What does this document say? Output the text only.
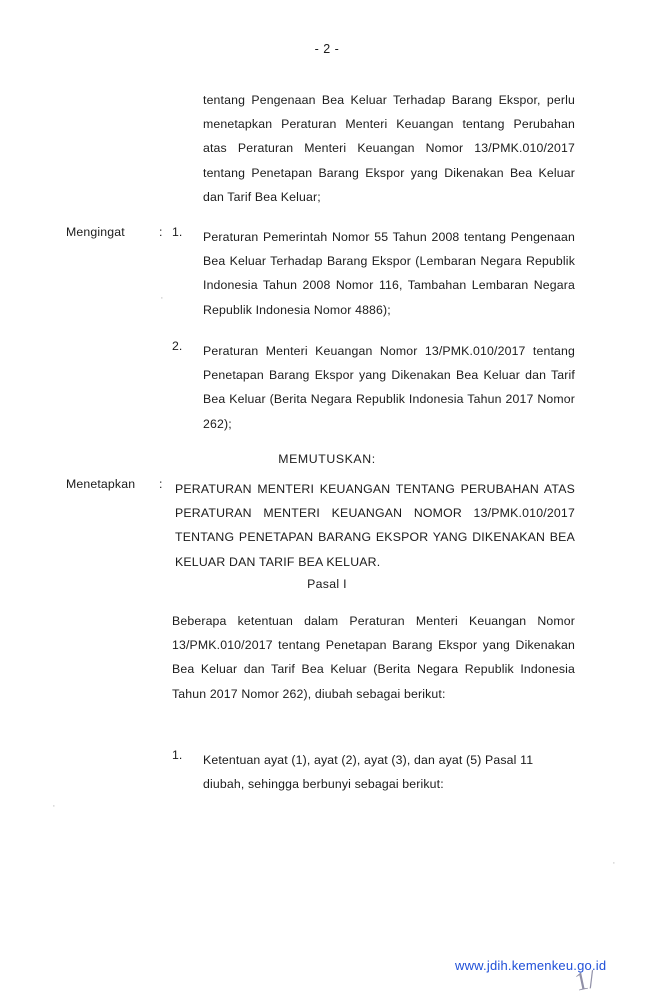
- 2 -
tentang Pengenaan Bea Keluar Terhadap Barang Ekspor, perlu menetapkan Peraturan Menteri Keuangan tentang Perubahan atas Peraturan Menteri Keuangan Nomor 13/PMK.010/2017 tentang Penetapan Barang Ekspor yang Dikenakan Bea Keluar dan Tarif Bea Keluar;
Mengingat	: 1. Peraturan Pemerintah Nomor 55 Tahun 2008 tentang Pengenaan Bea Keluar Terhadap Barang Ekspor (Lembaran Negara Republik Indonesia Tahun 2008 Nomor 116, Tambahan Lembaran Negara Republik Indonesia Nomor 4886);
2. Peraturan Menteri Keuangan Nomor 13/PMK.010/2017 tentang Penetapan Barang Ekspor yang Dikenakan Bea Keluar dan Tarif Bea Keluar (Berita Negara Republik Indonesia Tahun 2017 Nomor 262);
MEMUTUSKAN:
Menetapkan : PERATURAN MENTERI KEUANGAN TENTANG PERUBAHAN ATAS PERATURAN MENTERI KEUANGAN NOMOR 13/PMK.010/2017 TENTANG PENETAPAN BARANG EKSPOR YANG DIKENAKAN BEA KELUAR DAN TARIF BEA KELUAR.
Pasal I
Beberapa ketentuan dalam Peraturan Menteri Keuangan Nomor 13/PMK.010/2017 tentang Penetapan Barang Ekspor yang Dikenakan Bea Keluar dan Tarif Bea Keluar (Berita Negara Republik Indonesia Tahun 2017 Nomor 262), diubah sebagai berikut:
1. Ketentuan ayat (1), ayat (2), ayat (3), dan ayat (5) Pasal 11 diubah, sehingga berbunyi sebagai berikut:
·
·
·
1/
www.jdih.kemenkeu.go.id
